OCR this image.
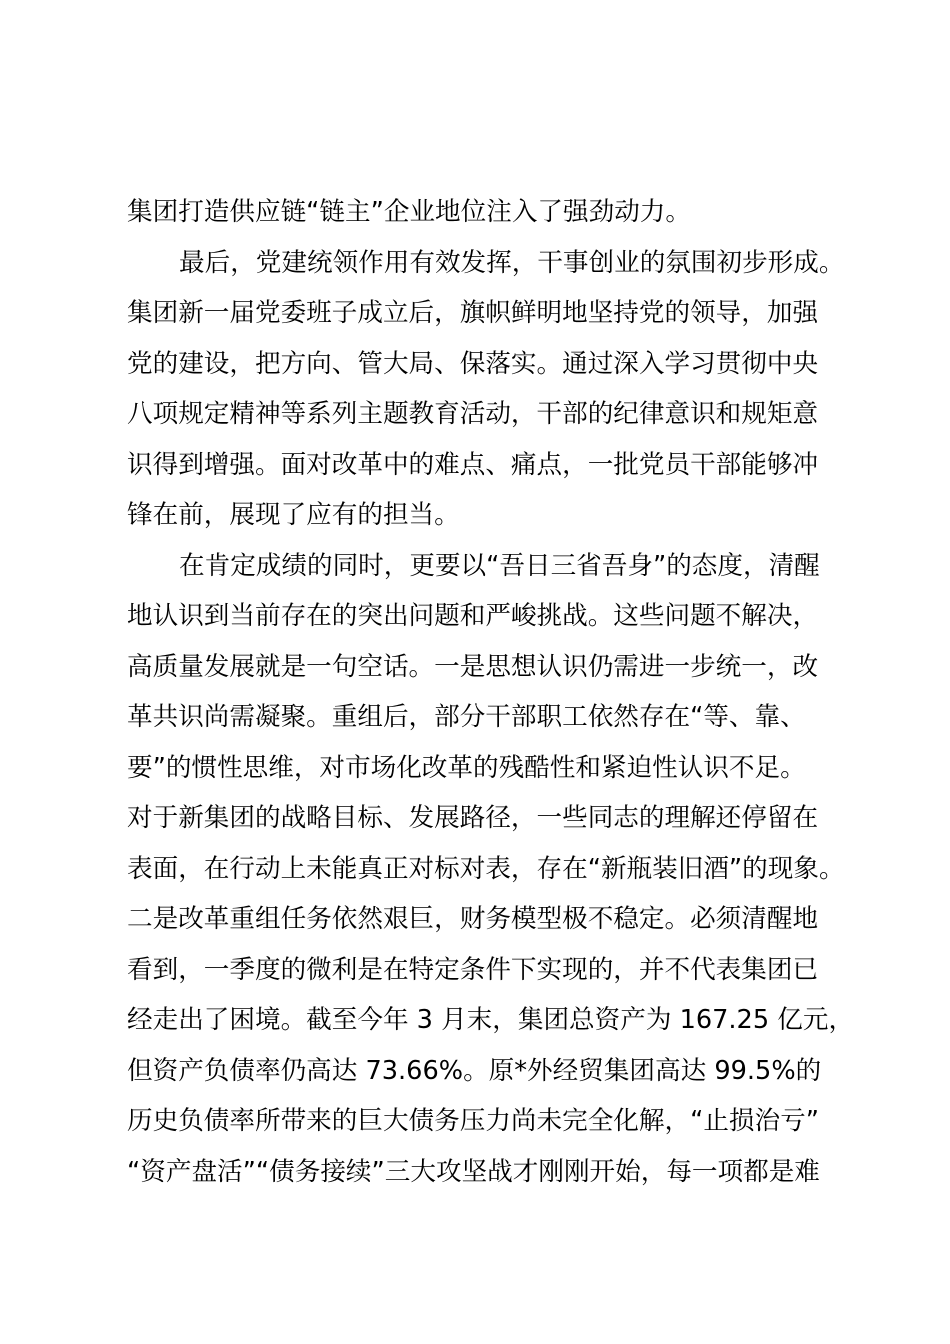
集团打造供应链“链主”企业地位注入了强劲动力。
最后，党建统领作用有效发挥，干事创业的氛围初步形成。
集团新一届党委班子成立后，旗帜鲜明地坚持党的领导，加强
党的建设，把方向、管大局、保落实。通过深入学习贯彻中央
八项规定精神等系列主题教育活动，干部的纪律意识和规矩意
识得到增强。面对改革中的难点、痛点，一批党员干部能够冲
锋在前，展现了应有的担当。
在肯定成绩的同时，更要以“吾日三省吾身”的态度，清醒
地认识到当前存在的突出问题和严峻挑战。这些问题不解决，
高质量发展就是一句空话。一是思想认识仍需进一步统一，改
革共识尚需凝聚。重组后，部分干部职工依然存在“等、靠、
要”的惯性思维，对市场化改革的残酷性和紧迫性认识不足。
对于新集团的战略目标、发展路径，一些同志的理解还停留在
表面，在行动上未能真正对标对表，存在“新瓶装旧酒”的现象。
二是改革重组任务依然艰巨，财务模型极不稳定。必须清醒地
看到，一季度的微利是在特定条件下实现的，并不代表集团已
经走出了困境。截至今年 3 月末，集团总资产为 167.25 亿元，
但资产负债率仍高达 73.66%。原*外经贸集团高达 99.5%的
历史负债率所带来的巨大债务压力尚未完全化解，“止损治亏”
“资产盘活”“债务接续”三大攻坚战才刚刚开始，每一项都是难
